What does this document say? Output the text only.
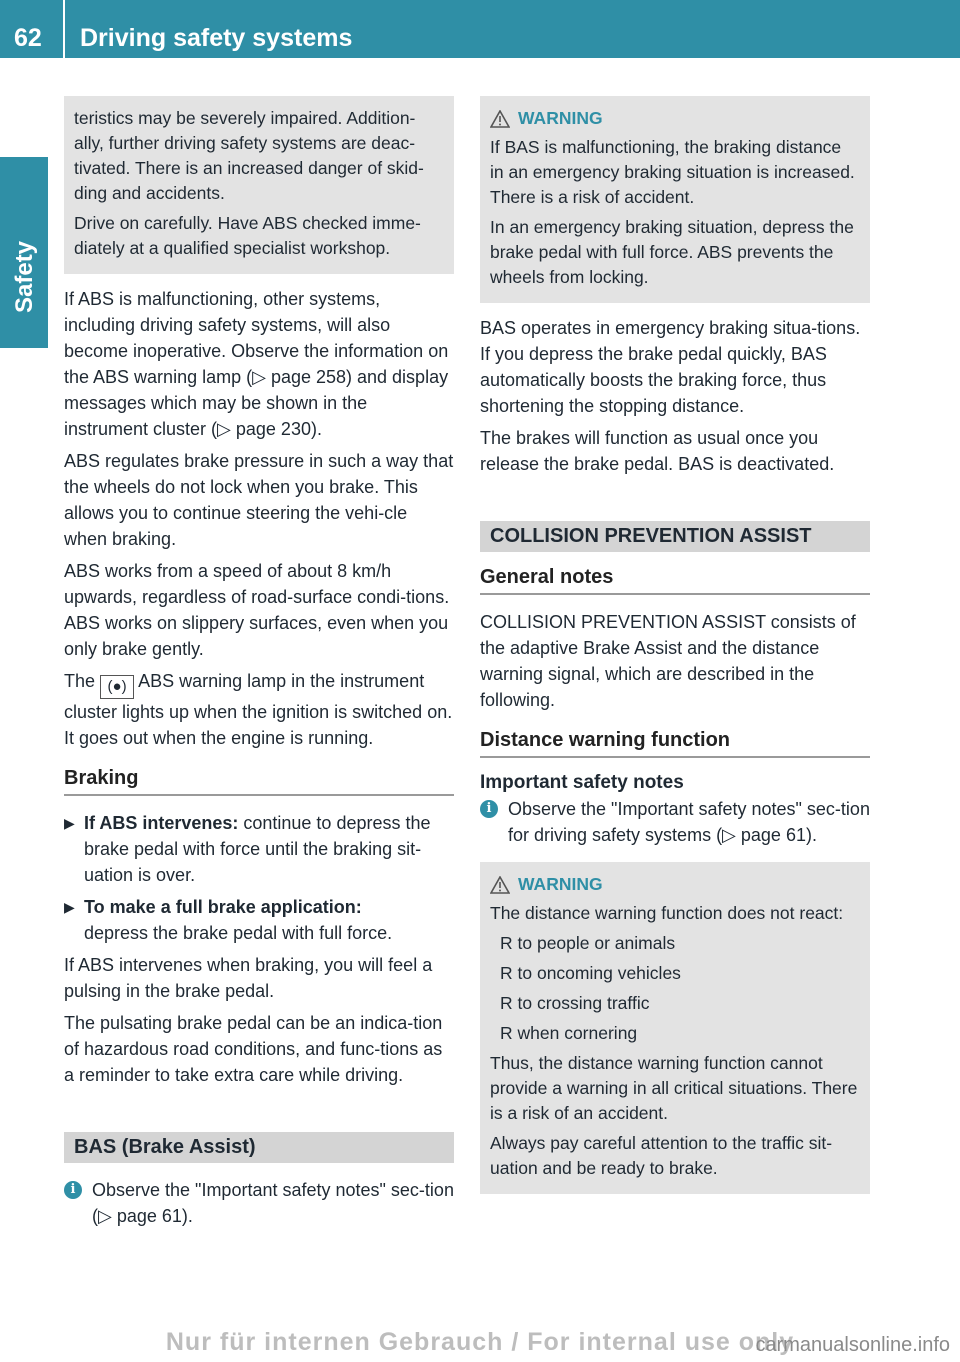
62 Driving safety systems
Safety

teristics may be severely impaired. Addition-ally, further driving safety systems are deac-tivated. There is an increased danger of skid-ding and accidents.

Drive on carefully. Have ABS checked imme-diately at a qualified specialist workshop.

If ABS is malfunctioning, other systems, including driving safety systems, will also become inoperative. Observe the information on the ABS warning lamp (▷ page 258) and display messages which may be shown in the instrument cluster (▷ page 230).

ABS regulates brake pressure in such a way that the wheels do not lock when you brake. This allows you to continue steering the vehi-cle when braking.

ABS works from a speed of about 8 km/h upwards, regardless of road-surface condi-tions. ABS works on slippery surfaces, even when you only brake gently.

The (●) ABS warning lamp in the instrument cluster lights up when the ignition is switched on. It goes out when the engine is running.

Braking
▶ If ABS intervenes: continue to depress the brake pedal with force until the braking sit-uation is over.
▶ To make a full brake application:
depress the brake pedal with full force.

If ABS intervenes when braking, you will feel a pulsing in the brake pedal.

The pulsating brake pedal can be an indica-tion of hazardous road conditions, and func-tions as a reminder to take extra care while driving.

BAS (Brake Assist)
i Observe the "Important safety notes" sec-tion (▷ page 61).
WARNING

If BAS is malfunctioning, the braking distance in an emergency braking situation is increased. There is a risk of accident.

In an emergency braking situation, depress the brake pedal with full force. ABS prevents the wheels from locking.

BAS operates in emergency braking situa-tions. If you depress the brake pedal quickly, BAS automatically boosts the braking force, thus shortening the stopping distance.

The brakes will function as usual once you release the brake pedal. BAS is deactivated.

COLLISION PREVENTION ASSIST
General notes

COLLISION PREVENTION ASSIST consists of the adaptive Brake Assist and the distance warning signal, which are described in the following.

Distance warning function
Important safety notes
i Observe the "Important safety notes" sec-tion for driving safety systems (▷ page 61).
WARNING

The distance warning function does not react:

R to people or animals

R to oncoming vehicles

R to crossing traffic

R when cornering

Thus, the distance warning function cannot provide a warning in all critical situations. There is a risk of an accident.

Always pay careful attention to the traffic sit-uation and be ready to brake.

Nur für internen Gebrauch / For internal use only
carmanualsonline.info
